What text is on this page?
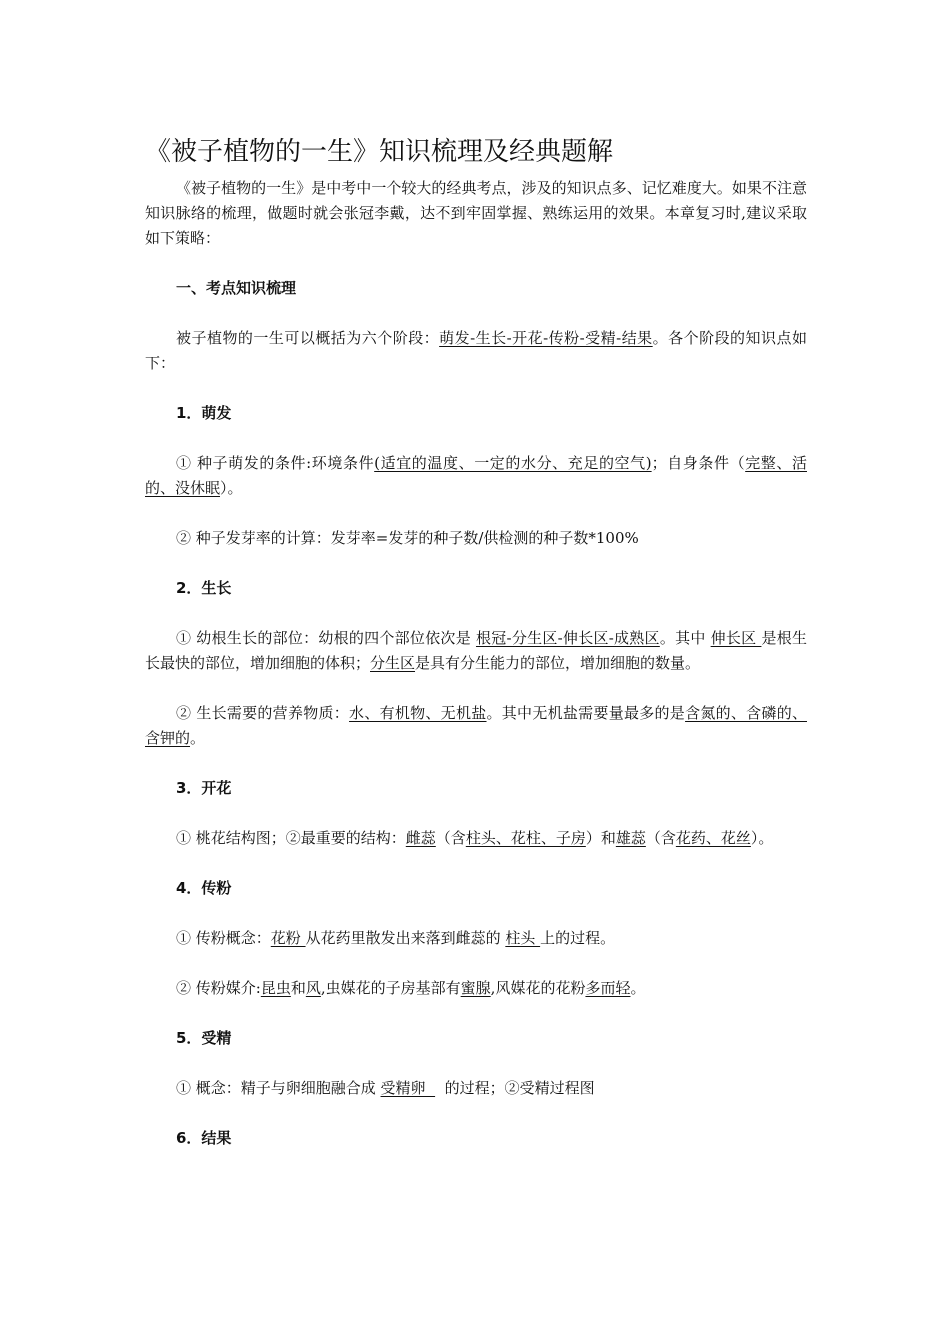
《被子植物的一生》知识梳理及经典题解

《被子植物的一生》是中考中一个较大的经典考点，涉及的知识点多、记忆难度大。如果不注意知识脉络的梳理，做题时就会张冠李戴，达不到牢固掌握、熟练运用的效果。本章复习时,建议采取如下策略：

一、考点知识梳理

被子植物的一生可以概括为六个阶段：萌发-生长-开花-传粉-受精-结果。各个阶段的知识点如下：

1．萌发

① 种子萌发的条件:环境条件(适宜的温度、一定的水分、充足的空气)；自身条件（完整、活的、没休眠）。

② 种子发芽率的计算：发芽率=发芽的种子数/供检测的种子数*100%

2．生长

① 幼根生长的部位：幼根的四个部位依次是 根冠-分生区-伸长区-成熟区。其中 伸长区 是根生长最快的部位，增加细胞的体积；分生区是具有分生能力的部位，增加细胞的数量。

② 生长需要的营养物质：水、有机物、无机盐。其中无机盐需要量最多的是含氮的、含磷的、含钾的。

3．开花

① 桃花结构图；②最重要的结构：雌蕊（含柱头、花柱、子房）和雄蕊（含花药、花丝）。

4．传粉

① 传粉概念：花粉 从花药里散发出来落到雌蕊的 柱头 上的过程。

② 传粉媒介:昆虫和风,虫媒花的子房基部有蜜腺,风媒花的花粉多而轻。

5．受精

① 概念：精子与卵细胞融合成 受精卵    的过程；②受精过程图

6．结果
